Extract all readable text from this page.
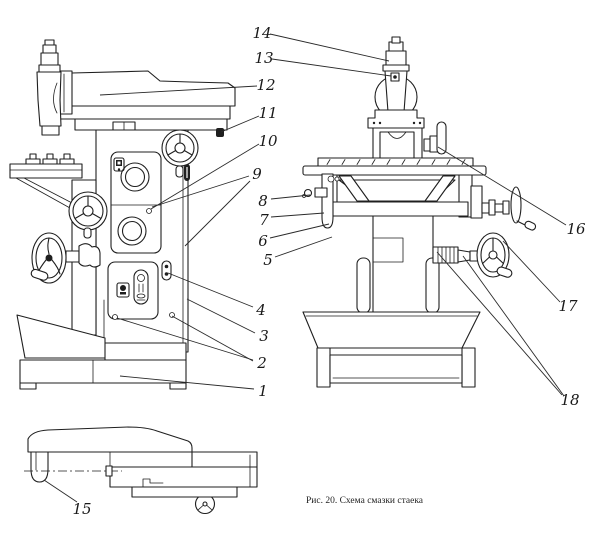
1
2
3
4
5
6
7
8
9
10
11
12
13
14
15
16
17
18
Рис. 20. Схема смазки стаека
